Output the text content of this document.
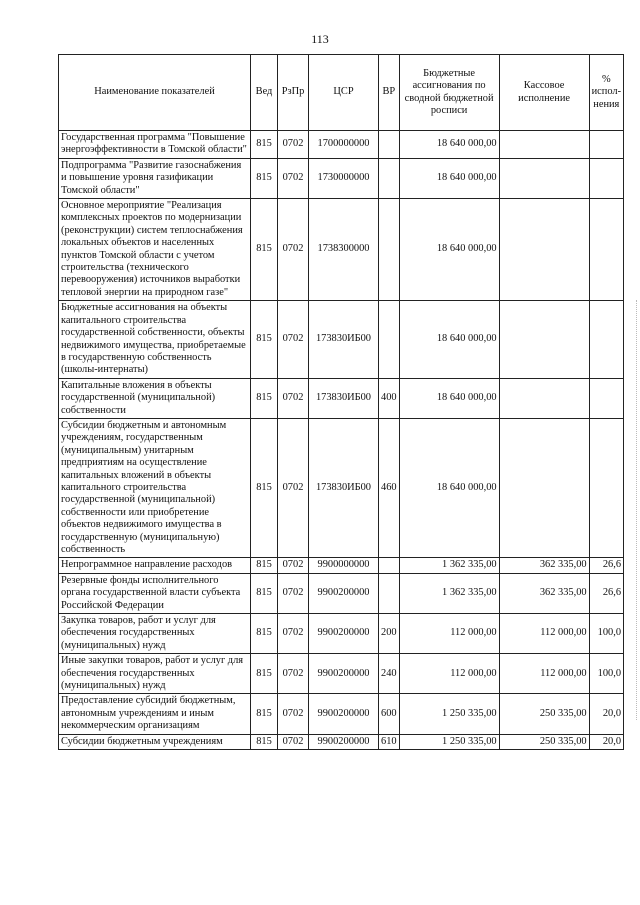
113
Наименование показателей	Вед	РзПр	ЦСР	ВР	Бюджетные ассигнования по сводной бюджетной росписи	Кассовое исполнение	% испол- нения
Государственная программа "Повышение энергоэффективности в Томской области"	815	0702	1700000000		18 640 000,00		
Подпрограмма "Развитие газоснабжения и повышение уровня газификации Томской области"	815	0702	1730000000		18 640 000,00		
Основное мероприятие "Реализация комплексных проектов по модернизации (реконструкции) систем теплоснабжения локальных объектов и населенных пунктов Томской области с учетом строительства (технического перевооружения) источников выработки тепловой энергии на природном газе"	815	0702	1738300000		18 640 000,00		
Бюджетные ассигнования на объекты капитального строительства государственной собственности, объекты недвижимого имущества, приобретаемые в государственную собственность (школы-интернаты)	815	0702	173830ИБ00		18 640 000,00		
Капитальные вложения в объекты государственной (муниципальной) собственности	815	0702	173830ИБ00	400	18 640 000,00		
Субсидии бюджетным и автономным учреждениям, государственным (муниципальным) унитарным предприятиям на осуществление капитальных вложений в объекты капитального строительства государственной (муниципальной) собственности или приобретение объектов недвижимого имущества в государственную (муниципальную) собственность	815	0702	173830ИБ00	460	18 640 000,00		
Непрограммное направление расходов	815	0702	9900000000		1 362 335,00	362 335,00	26,6
Резервные фонды исполнительного органа государственной власти субъекта Российской Федерации	815	0702	9900200000		1 362 335,00	362 335,00	26,6
Закупка товаров, работ и услуг для обеспечения государственных (муниципальных) нужд	815	0702	9900200000	200	112 000,00	112 000,00	100,0
Иные закупки товаров, работ и услуг для обеспечения государственных (муниципальных) нужд	815	0702	9900200000	240	112 000,00	112 000,00	100,0
Предоставление субсидий бюджетным, автономным учреждениям и иным некоммерческим организациям	815	0702	9900200000	600	1 250 335,00	250 335,00	20,0
Субсидии бюджетным учреждениям	815	0702	9900200000	610	1 250 335,00	250 335,00	20,0
